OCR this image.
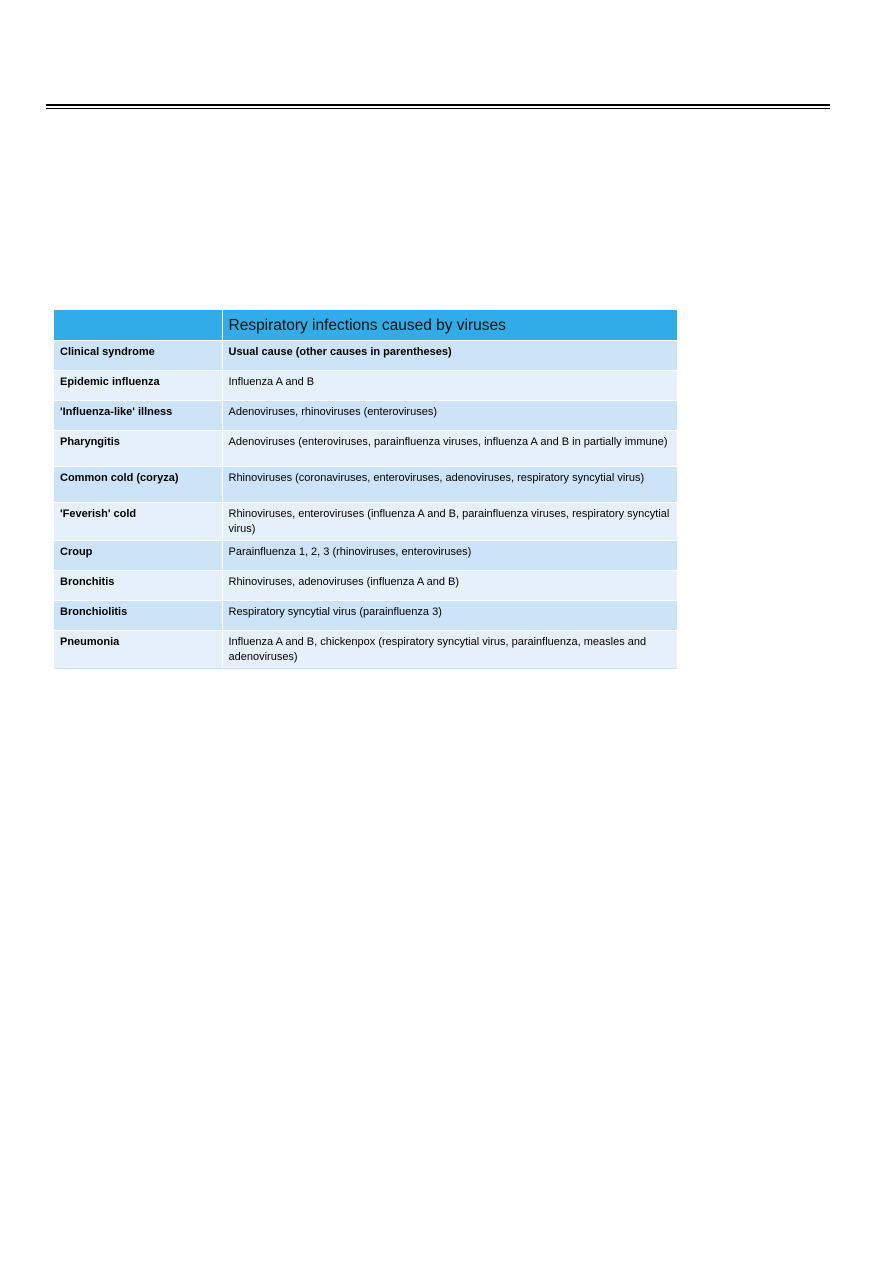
	Respiratory infections caused by viruses
Clinical syndrome	Usual cause (other causes in parentheses)
Epidemic influenza	Influenza A and B
'Influenza-like' illness	Adenoviruses, rhinoviruses (enteroviruses)
Pharyngitis	Adenoviruses (enteroviruses, parainfluenza viruses, influenza A and B in partially immune)
Common cold (coryza)	Rhinoviruses (coronaviruses, enteroviruses, adenoviruses, respiratory syncytial virus)
'Feverish' cold	Rhinoviruses, enteroviruses (influenza A and B, parainfluenza viruses, respiratory syncytial virus)
Croup	Parainfluenza 1, 2, 3 (rhinoviruses, enteroviruses)
Bronchitis	Rhinoviruses, adenoviruses (influenza A and B)
Bronchiolitis	Respiratory syncytial virus (parainfluenza 3)
Pneumonia	Influenza A and B, chickenpox (respiratory syncytial virus, parainfluenza, measles and adenoviruses)
